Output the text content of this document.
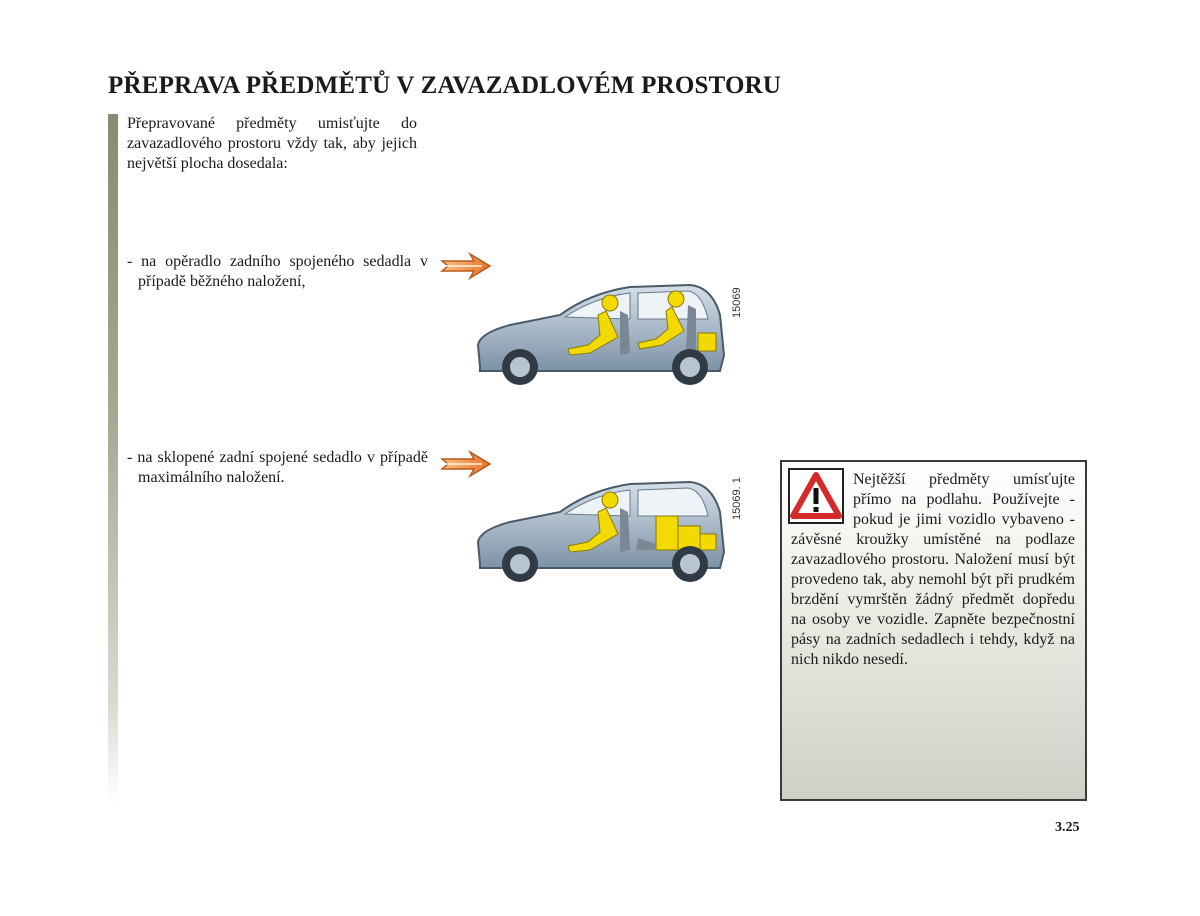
PŘEPRAVA PŘEDMĚTŮ V ZAVAZADLOVÉM PROSTORU
Přepravované předměty umisťujte do zavazadlového prostoru vždy tak, aby jejich největší plocha dosedala:
- na opěradlo zadního spojeného sedadla v případě běžného naložení,
- na sklopené zadní spojené sedadlo v případě maximálního naložení.
15069
15069. 1	Nejtěžší předměty umísťujte přímo na podlahu. Používejte - pokud je jimi vozidlo vybaveno - závěsné kroužky umístěné na podlaze zavazadlového prostoru. Naložení musí být provedeno tak, aby nemohl být při prudkém brzdění vymrštěn žádný předmět dopředu na osoby ve vozidle. Zapněte bezpečnostní pásy na zadních sedadlech i tehdy, když na nich nikdo nesedí.
3.25
